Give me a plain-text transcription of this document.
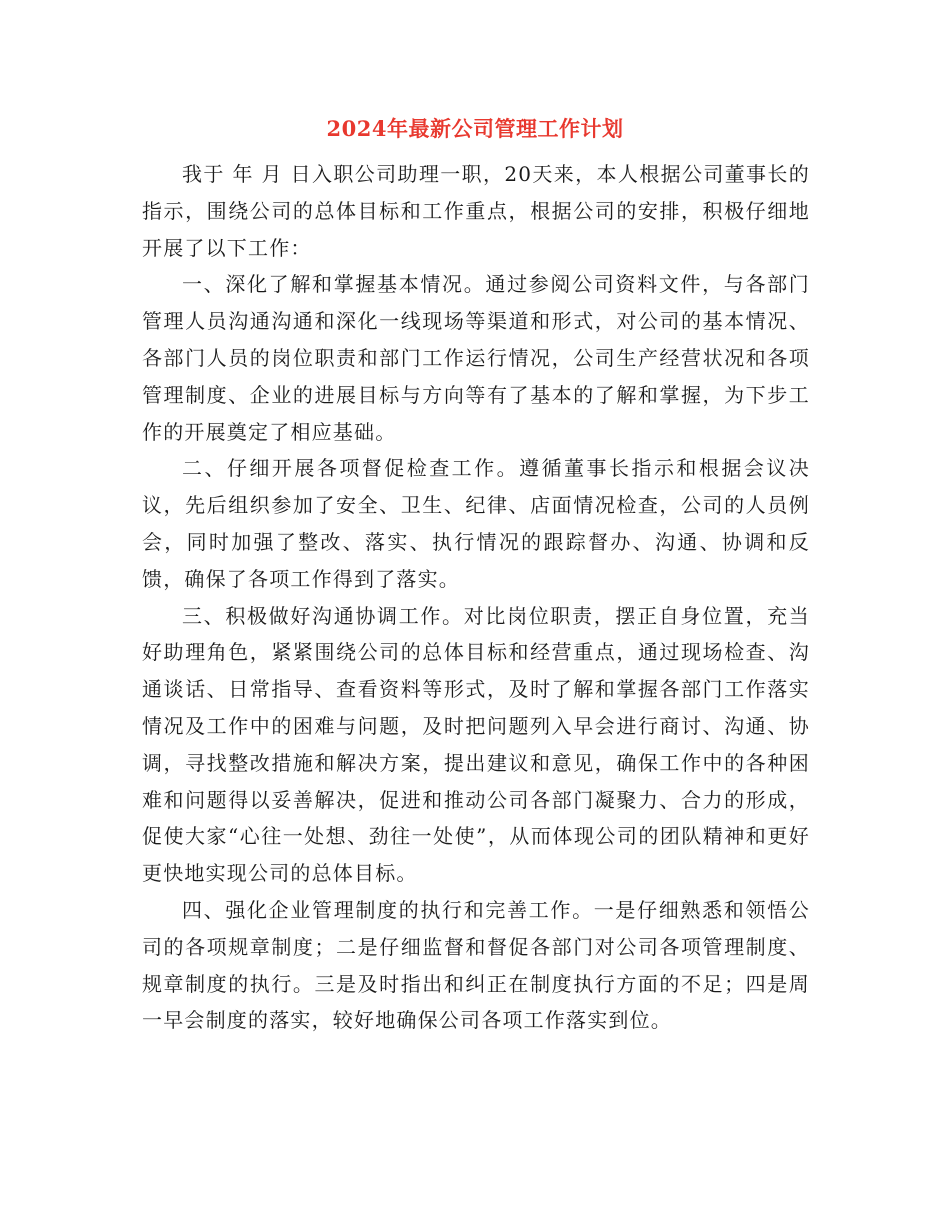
2024年最新公司管理工作计划

我于 年 月 日入职公司助理一职，20天来，本人根据公司董事长的指示，围绕公司的总体目标和工作重点，根据公司的安排，积极仔细地开展了以下工作：

一、深化了解和掌握基本情况。通过参阅公司资料文件，与各部门管理人员沟通沟通和深化一线现场等渠道和形式，对公司的基本情况、各部门人员的岗位职责和部门工作运行情况，公司生产经营状况和各项管理制度、企业的进展目标与方向等有了基本的了解和掌握，为下步工作的开展奠定了相应基础。

二、仔细开展各项督促检查工作。遵循董事长指示和根据会议决议，先后组织参加了安全、卫生、纪律、店面情况检查，公司的人员例会，同时加强了整改、落实、执行情况的跟踪督办、沟通、协调和反馈，确保了各项工作得到了落实。

三、积极做好沟通协调工作。对比岗位职责，摆正自身位置，充当好助理角色，紧紧围绕公司的总体目标和经营重点，通过现场检查、沟通谈话、日常指导、查看资料等形式，及时了解和掌握各部门工作落实情况及工作中的困难与问题，及时把问题列入早会进行商讨、沟通、协调，寻找整改措施和解决方案，提出建议和意见，确保工作中的各种困难和问题得以妥善解决，促进和推动公司各部门凝聚力、合力的形成，促使大家“心往一处想、劲往一处使”，从而体现公司的团队精神和更好更快地实现公司的总体目标。

四、强化企业管理制度的执行和完善工作。一是仔细熟悉和领悟公司的各项规章制度；二是仔细监督和督促各部门对公司各项管理制度、规章制度的执行。三是及时指出和纠正在制度执行方面的不足；四是周一早会制度的落实，较好地确保公司各项工作落实到位。
